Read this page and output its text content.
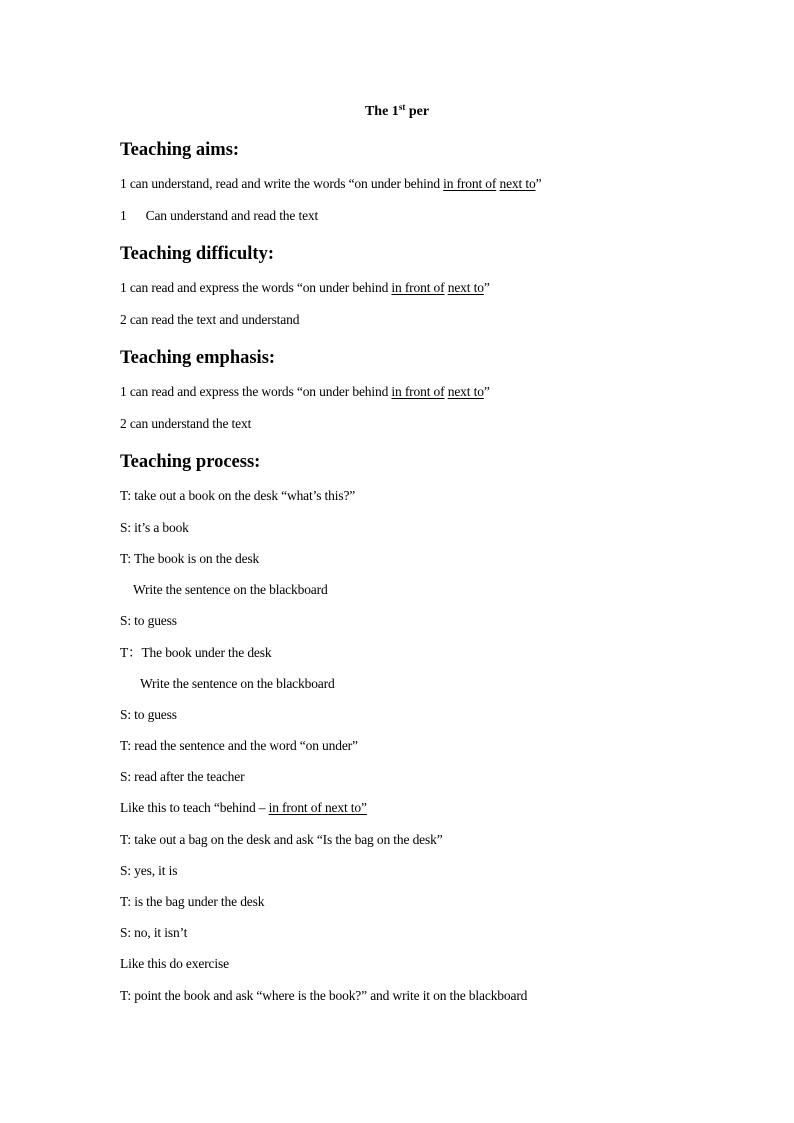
The 1st per
Teaching aims:
1 can understand, read and write the words “on under behind in front of next to”
1 Can understand and read the text
Teaching difficulty:
1 can read and express the words “on under behind in front of next to”
2 can read the text and understand
Teaching emphasis:
1 can read and express the words “on under behind in front of next to”
2 can understand the text
Teaching process:
T: take out a book on the desk “what’s this?”
S: it’s a book
T: The book is on the desk
Write the sentence on the blackboard
S: to guess
T：The book under the desk
Write the sentence on the blackboard
S: to guess
T: read the sentence and the word “on under”
S: read after the teacher
Like this to teach “behind – in front of next to”
T: take out a bag on the desk and ask “Is the bag on the desk”
S: yes, it is
T: is the bag under the desk
S: no, it isn’t
Like this do exercise
T: point the book and ask “where is the book?” and write it on the blackboard
